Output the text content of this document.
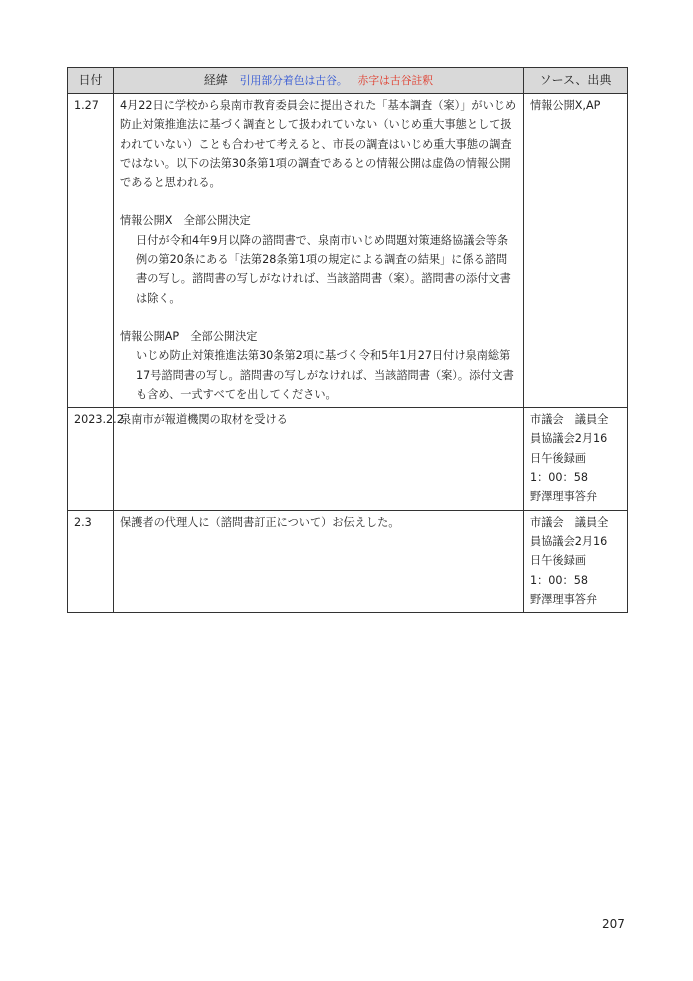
日付	経緯 引用部分着色は古谷。 赤字は古谷註釈	ソース、出典
1.27	4月22日に学校から泉南市教育委員会に提出された「基本調査（案）」がいじめ防止対策推進法に基づく調査として扱われていない（いじめ重大事態として扱われていない）ことも合わせて考えると、市長の調査はいじめ重大事態の調査ではない。以下の法第30条第1項の調査であるとの情報公開は虚偽の情報公開であると思われる。

情報公開X　全部公開決定

日付が令和4年9月以降の諮問書で、泉南市いじめ問題対策連絡協議会等条例の第20条にある「法第28条第1項の規定による調査の結果」に係る諮問書の写し。諮問書の写しがなければ、当該諮問書（案）。諮問書の添付文書は除く。

情報公開AP　全部公開決定

いじめ防止対策推進法第30条第2項に基づく令和5年1月27日付け泉南総第17号諮問書の写し。諮問書の写しがなければ、当該諮問書（案）。添付文書も含め、一式すべてを出してください。	情報公開X,AP

2023.2.2	泉南市が報道機関の取材を受ける	市議会　議員全
員協議会2月16
日午後録画
1：00：58
野澤理事答弁

2.3	保護者の代理人に（諮問書訂正について）お伝えした。	市議会　議員全
員協議会2月16
日午後録画
1：00：58
野澤理事答弁
207
